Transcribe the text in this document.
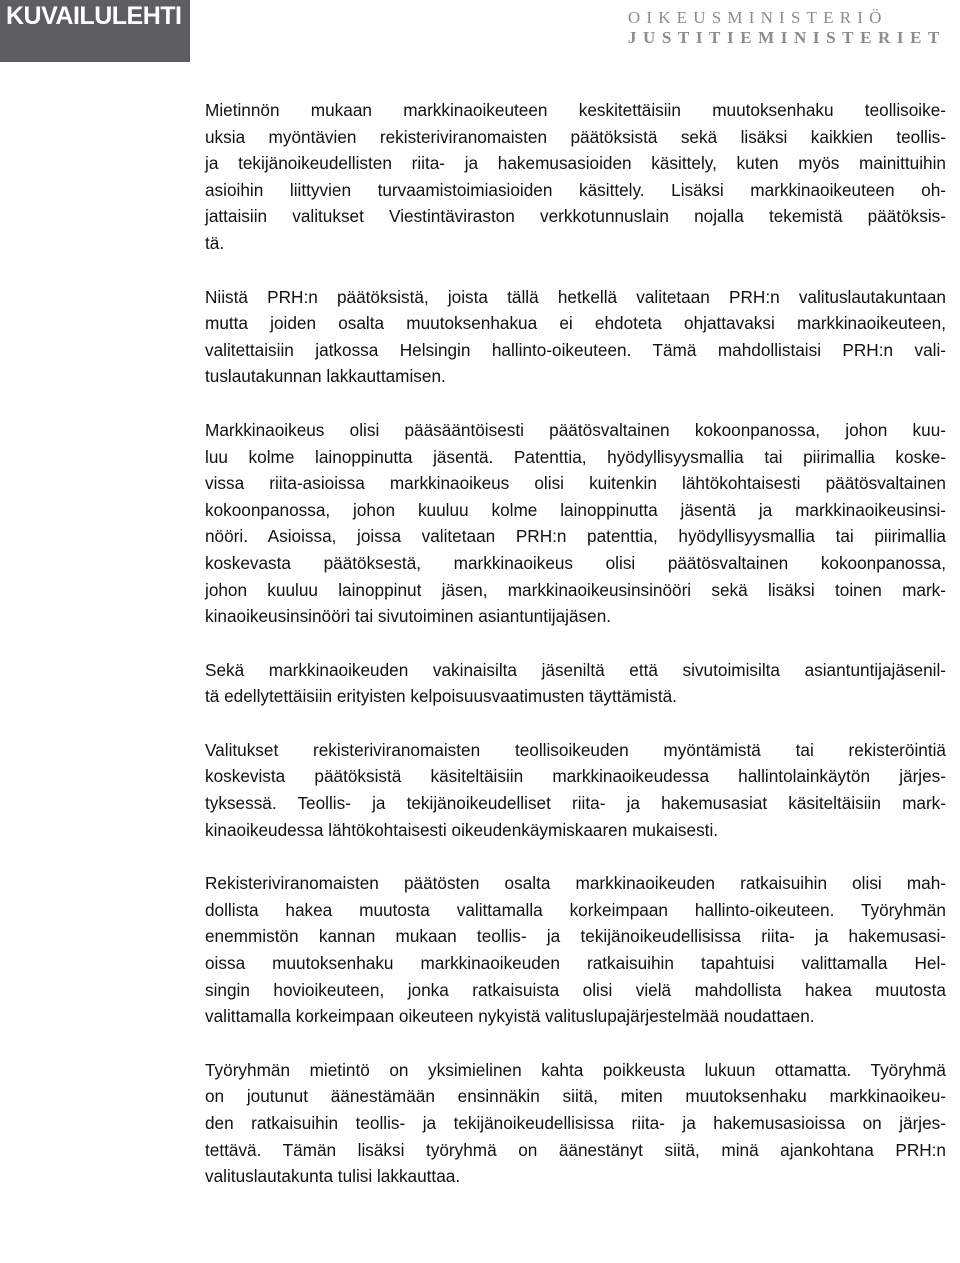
KUVAILULEHTI	OIKEUSMINISTERIÖ
JUSTITIEMINISTERIET

Mietinnön mukaan markkinaoikeuteen keskitettäisiin muutoksenhaku teollisoike-
uksia myöntävien rekisteriviranomaisten päätöksistä sekä lisäksi kaikkien teollis-
ja tekijänoikeudellisten riita- ja hakemusasioiden käsittely, kuten myös mainittuihin
asioihin liittyvien turvaamistoimiasioiden käsittely. Lisäksi markkinaoikeuteen oh-
jattaisiin valitukset Viestintäviraston verkkotunnuslain nojalla tekemistä päätöksis-
tä.

Niistä PRH:n päätöksistä, joista tällä hetkellä valitetaan PRH:n valituslautakuntaan
mutta joiden osalta muutoksenhakua ei ehdoteta ohjattavaksi markkinaoikeuteen,
valitettaisiin jatkossa Helsingin hallinto-oikeuteen. Tämä mahdollistaisi PRH:n vali-
tuslautakunnan lakkauttamisen.

Markkinaoikeus olisi pääsääntöisesti päätösvaltainen kokoonpanossa, johon kuu-
luu kolme lainoppinutta jäsentä. Patenttia, hyödyllisyysmallia tai piirimallia koske-
vissa riita-asioissa markkinaoikeus olisi kuitenkin lähtökohtaisesti päätösvaltainen
kokoonpanossa, johon kuuluu kolme lainoppinutta jäsentä ja markkinaoikeusinsi-
nööri. Asioissa, joissa valitetaan PRH:n patenttia, hyödyllisyysmallia tai piirimallia
koskevasta päätöksestä, markkinaoikeus olisi päätösvaltainen kokoonpanossa,
johon kuuluu lainoppinut jäsen, markkinaoikeusinsinööri sekä lisäksi toinen mark-
kinaoikeusinsinööri tai sivutoiminen asiantuntijajäsen.

Sekä markkinaoikeuden vakinaisilta jäseniltä että sivutoimisilta asiantuntijajäsenil-
tä edellytettäisiin erityisten kelpoisuusvaatimusten täyttämistä.

Valitukset rekisteriviranomaisten teollisoikeuden myöntämistä tai rekisteröintiä
koskevista päätöksistä käsiteltäisiin markkinaoikeudessa hallintolainkäytön järjes-
tyksessä. Teollis- ja tekijänoikeudelliset riita- ja hakemusasiat käsiteltäisiin mark-
kinaoikeudessa lähtökohtaisesti oikeudenkäymiskaaren mukaisesti.

Rekisteriviranomaisten päätösten osalta markkinaoikeuden ratkaisuihin olisi mah-
dollista hakea muutosta valittamalla korkeimpaan hallinto-oikeuteen. Työryhmän
enemmistön kannan mukaan teollis- ja tekijänoikeudellisissa riita- ja hakemusasi-
oissa muutoksenhaku markkinaoikeuden ratkaisuihin tapahtuisi valittamalla Hel-
singin hovioikeuteen, jonka ratkaisuista olisi vielä mahdollista hakea muutosta
valittamalla korkeimpaan oikeuteen nykyistä valituslupajärjestelmää noudattaen.

Työryhmän mietintö on yksimielinen kahta poikkeusta lukuun ottamatta. Työryhmä
on joutunut äänestämään ensinnäkin siitä, miten muutoksenhaku markkinaoikeu-
den ratkaisuihin teollis- ja tekijänoikeudellisissa riita- ja hakemusasioissa on järjes-
tettävä. Tämän lisäksi työryhmä on äänestänyt siitä, minä ajankohtana PRH:n
valituslautakunta tulisi lakkauttaa.
